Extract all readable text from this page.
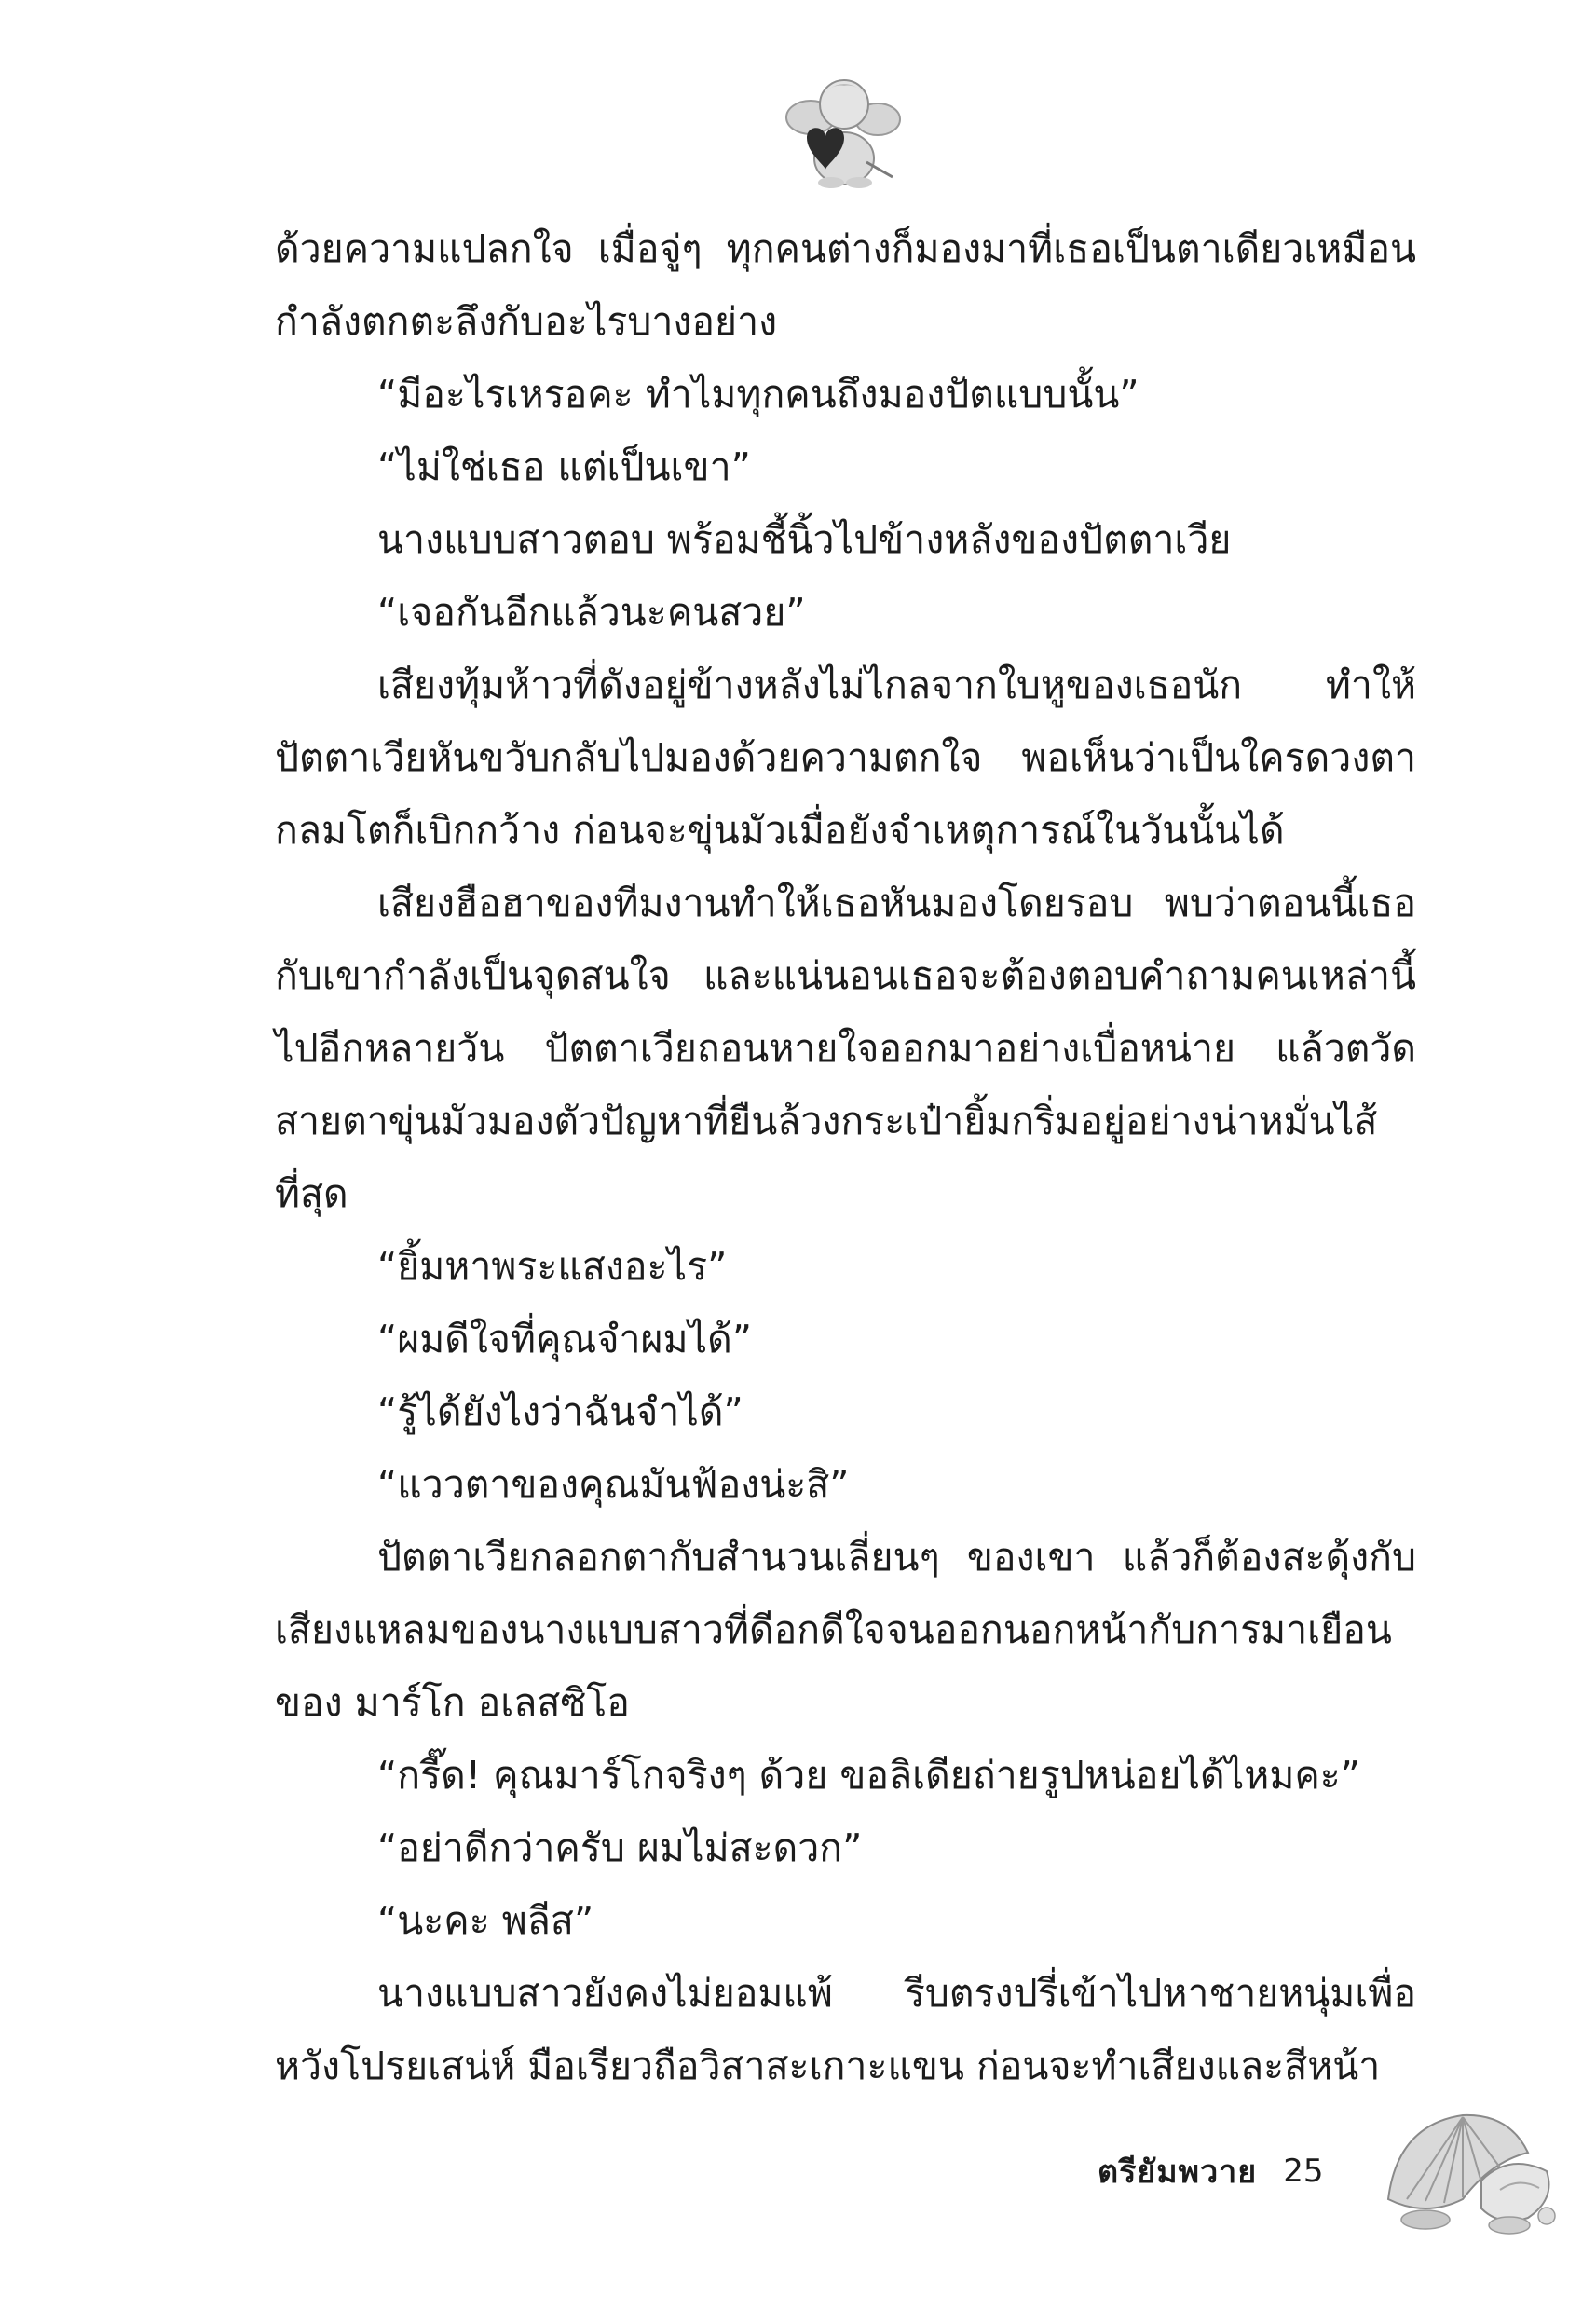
ด้วยความแปลกใจ เมื่อจู่ๆ ทุกคนต่างก็มองมาที่เธอเป็นตาเดียวเหมือนกำลังตกตะลึงกับอะไรบางอย่าง

“มีอะไรเหรอคะ ทำไมทุกคนถึงมองปัตแบบนั้น”

“ไม่ใช่เธอ แต่เป็นเขา”

นางแบบสาวตอบ พร้อมชี้นิ้วไปข้างหลังของปัตตาเวีย

“เจอกันอีกแล้วนะคนสวย”

เสียงทุ้มห้าวที่ดังอยู่ข้างหลังไม่ไกลจากใบหูของเธอนัก ทำให้ปัตตาเวียหันขวับกลับไปมองด้วยความตกใจ พอเห็นว่าเป็นใครดวงตากลมโตก็เบิกกว้าง ก่อนจะขุ่นมัวเมื่อยังจำเหตุการณ์ในวันนั้นได้

เสียงฮือฮาของทีมงานทำให้เธอหันมองโดยรอบ พบว่าตอนนี้เธอกับเขากำลังเป็นจุดสนใจ และแน่นอนเธอจะต้องตอบคำถามคนเหล่านี้ไปอีกหลายวัน ปัตตาเวียถอนหายใจออกมาอย่างเบื่อหน่าย แล้วตวัดสายตาขุ่นมัวมองตัวปัญหาที่ยืนล้วงกระเป๋ายิ้มกริ่มอยู่อย่างน่าหมั่นไส้ที่สุด

“ยิ้มหาพระแสงอะไร”

“ผมดีใจที่คุณจำผมได้”

“รู้ได้ยังไงว่าฉันจำได้”

“แววตาของคุณมันฟ้องน่ะสิ”

ปัตตาเวียกลอกตากับสำนวนเลี่ยนๆ ของเขา แล้วก็ต้องสะดุ้งกับเสียงแหลมของนางแบบสาวที่ดีอกดีใจจนออกนอกหน้ากับการมาเยือนของ มาร์โก อเลสซิโอ

“กรี๊ด! คุณมาร์โกจริงๆ ด้วย ขอลิเดียถ่ายรูปหน่อยได้ไหมคะ”

“อย่าดีกว่าครับ ผมไม่สะดวก”

“นะคะ พลีส”

นางแบบสาวยังคงไม่ยอมแพ้ รีบตรงปรี่เข้าไปหาชายหนุ่มเพื่อหวังโปรยเสน่ห์ มือเรียวถือวิสาสะเกาะแขน ก่อนจะทำเสียงและสีหน้า

ตรียัมพวาย 25
